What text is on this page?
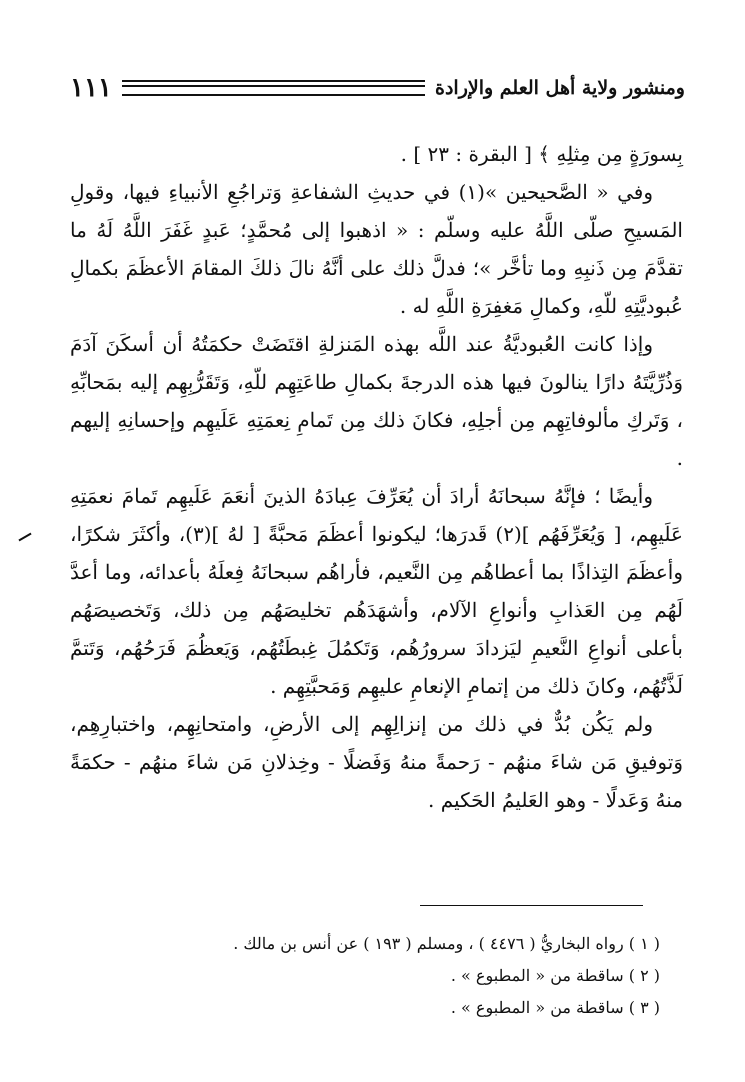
١١١	ومنشور ولاية أهل العلم والإرادة

بِسورَةٍ مِن مِثلِهِ ﴾ [ البقرة : ٢٣ ] .

وفي « الصَّحيحين »(١) في حديثِ الشفاعةِ وَتراجُعِ الأنبياءِ فيها، وقولِ المَسيحِ صلّى اللَّهُ عليه وسلّم : « اذهبوا إلى مُحمَّدٍ؛ عَبدٍ غَفَرَ اللَّهُ لَهُ ما تقدَّمَ مِن ذَنبِهِ وما تأخَّر »؛ فدلَّ ذلك على أنَّهُ نالَ ذلكَ المقامَ الأعظَمَ بكمالِ عُبوديَّتِهِ للّهِ، وكمالِ مَغفِرَةِ اللَّهِ له .

وإذا كانت العُبوديَّةُ عند اللَّه بهذه المَنزلةِ اقتَضَتْ حكمَتُهُ أن أسكَنَ آدَمَ وَذُرِّيَّتَهُ دارًا ينالونَ فيها هذه الدرجةَ بكمالِ طاعَتِهِم للّهِ، وَتَقَرُّبِهِم إليه بمَحابِّهِ ، وَتَركِ مألوفاتِهِم مِن أجلِهِ، فكانَ ذلك مِن تَمامِ نِعمَتِهِ عَلَيهِم وإحسانِهِ إليهم .

وأيضًا ؛ فإنَّهُ سبحانَهُ أرادَ أن يُعَرِّفَ عِبادَهُ الذينَ أنعَمَ عَلَيهِم تَمامَ نعمَتِهِ عَلَيهِم، [ وَيُعَرِّفَهُم ](٢) قَدرَها؛ ليكونوا أعظَمَ مَحبَّةً [ لهُ ](٣)، وأكثَرَ شكرًا، وأعظَمَ التِذاذًا بما أعطاهُم مِن النَّعيم، فأراهُم سبحانَهُ فِعلَهُ بأعدائه، وما أعدَّ لَهُم مِن العَذابِ وأنواعِ الآلام، وأشهَدَهُم تخليصَهُم مِن ذلك، وَتَخصيصَهُم بأعلى أنواعِ النَّعيمِ ليَزدادَ سرورُهُم، وَتَكمُلَ غِبطَتُهُم، وَيَعظُمَ فَرَحُهُم، وَتَتمَّ لَذَّتُهُم، وكانَ ذلك من إتمامِ الإنعامِ عليهِم وَمَحبَّتِهِم .

ولم يَكُن بُدٌّ في ذلك من إنزالِهِم إلى الأرضِ، وامتحانِهِم، واختبارِهِم، وَتوفيقِ مَن شاءَ منهُم - رَحمةً منهُ وَفَضلًا - وخِذلانِ مَن شاءَ منهُم - حكمَةً منهُ وَعَدلًا - وهو العَليمُ الحَكيم .

( ١ ) رواه البخاريُّ ( ٤٤٧٦ ) ، ومسلم ( ١٩٣ ) عن أنس بن مالك .
( ٢ ) ساقطة من « المطبوع » .
( ٣ ) ساقطة من « المطبوع » .
